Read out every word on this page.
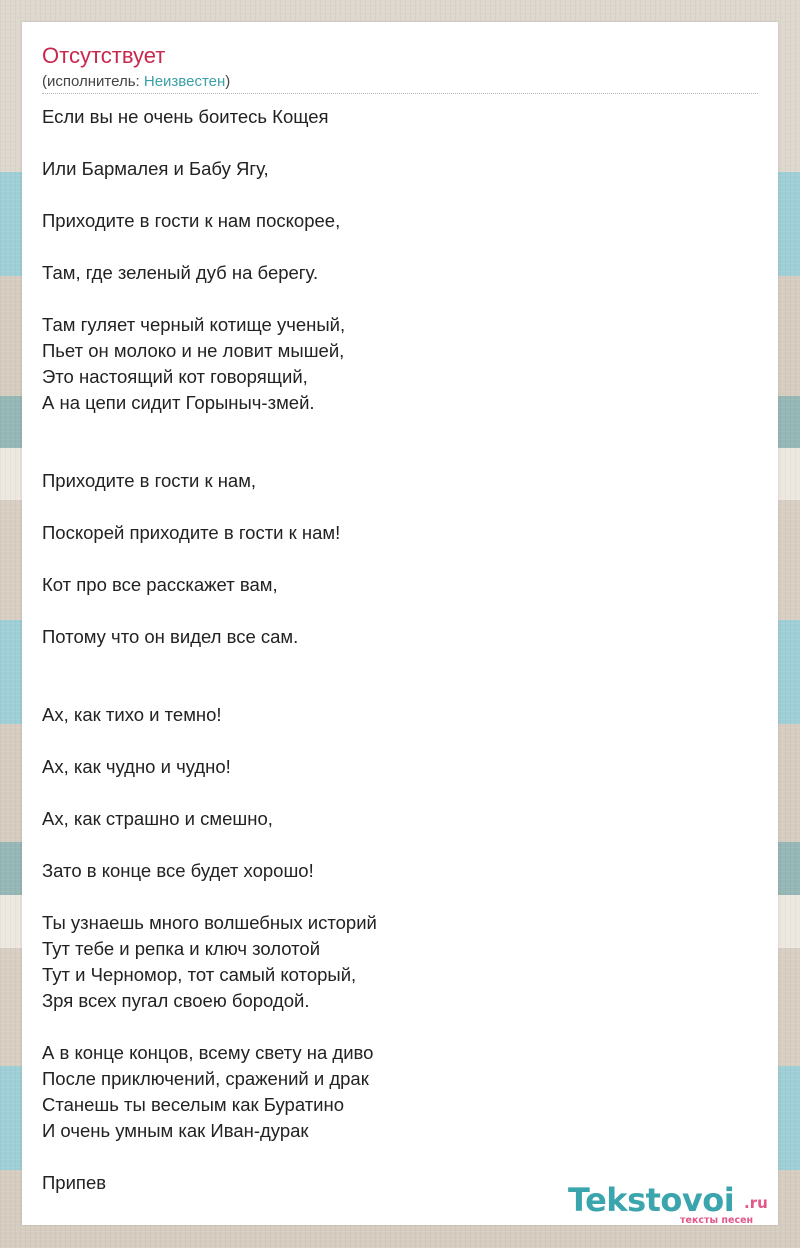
Отсутствует
(исполнитель: Неизвестен)
Если вы не очень боитесь Кощея
Или Бармалея и Бабу Ягу,
Приходите в гости к нам поскорее,
Там, где зеленый дуб на берегу.
Там гуляет черный котище ученый,
Пьет он молоко и не ловит мышей,
Это настоящий кот говорящий,
А на цепи сидит Горыныч-змей.
Приходите в гости к нам,
Поскорей приходите в гости к нам!
Кот про все расскажет вам,
Потому что он видел все сам.
Ах, как тихо и темно!
Ах, как чудно и чудно!
Ах, как страшно и смешно,
Зато в конце все будет хорошо!
Ты узнаешь много волшебных историй
Тут тебе и репка и ключ золотой
Тут и Черномор, тот самый который,
Зря всех пугал своею бородой.
А в конце концов, всему свету на диво
После приключений, сражений и драк
Станешь ты веселым как Буратино
И очень умным как Иван-дурак
Припев	Tekstovoi .ru
тексты песен
